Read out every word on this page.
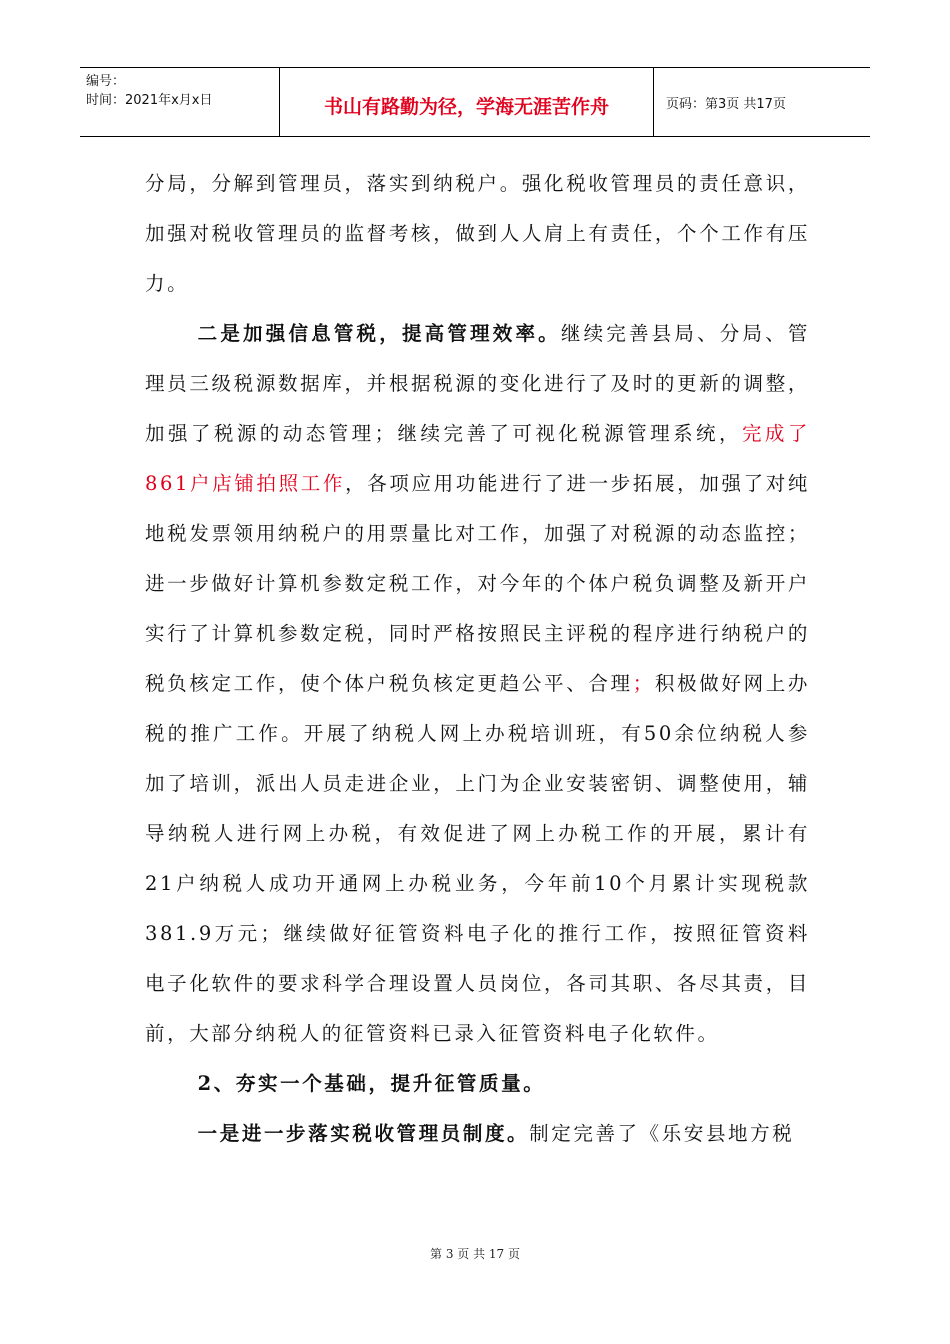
编号：
时间：2021年x月x日	书山有路勤为径，学海无涯苦作舟	页码：第3页 共17页

分局，分解到管理员，落实到纳税户。强化税收管理员的责任意识，加强对税收管理员的监督考核，做到人人肩上有责任，个个工作有压力。

二是加强信息管税，提高管理效率。继续完善县局、分局、管理员三级税源数据库，并根据税源的变化进行了及时的更新的调整，加强了税源的动态管理；继续完善了可视化税源管理系统，完成了861户店铺拍照工作，各项应用功能进行了进一步拓展，加强了对纯地税发票领用纳税户的用票量比对工作，加强了对税源的动态监控；进一步做好计算机参数定税工作，对今年的个体户税负调整及新开户实行了计算机参数定税，同时严格按照民主评税的程序进行纳税户的税负核定工作，使个体户税负核定更趋公平、合理；积极做好网上办税的推广工作。开展了纳税人网上办税培训班，有50余位纳税人参加了培训，派出人员走进企业，上门为企业安装密钥、调整使用，辅导纳税人进行网上办税，有效促进了网上办税工作的开展，累计有21户纳税人成功开通网上办税业务，今年前10个月累计实现税款381.9万元；继续做好征管资料电子化的推行工作，按照征管资料电子化软件的要求科学合理设置人员岗位，各司其职、各尽其责，目前，大部分纳税人的征管资料已录入征管资料电子化软件。

2、夯实一个基础，提升征管质量。

一是进一步落实税收管理员制度。制定完善了《乐安县地方税

第 3 页 共 17 页
